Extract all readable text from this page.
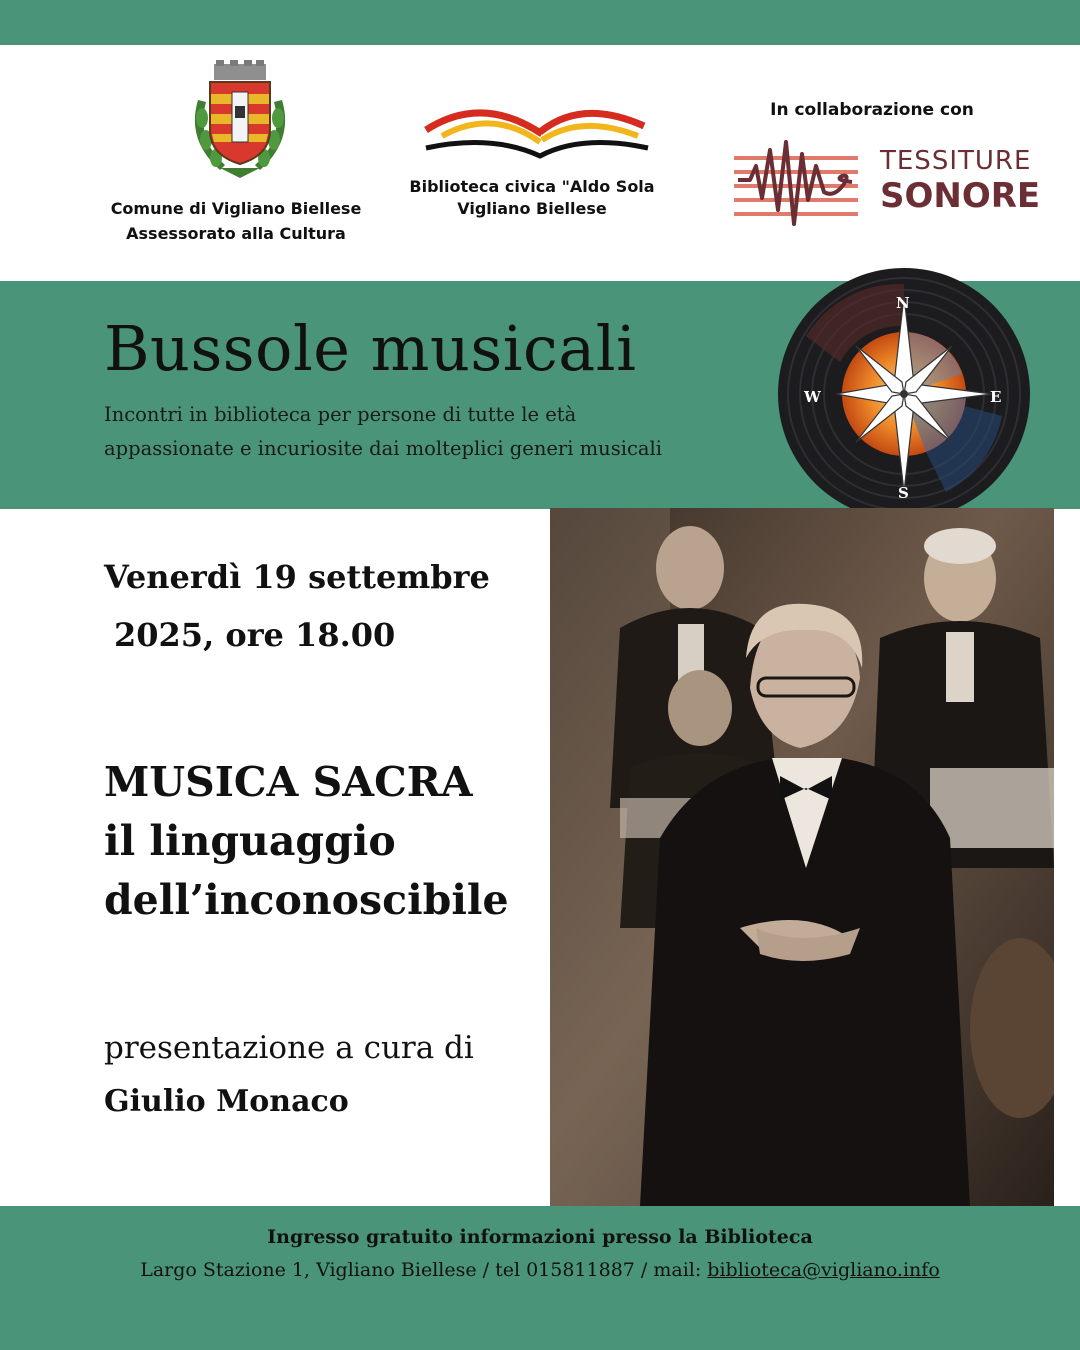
Comune di Vigliano Biellese
Assessorato alla Cultura
Biblioteca civica "Aldo Sola
Vigliano Biellese
In collaborazione con
TESSITURE
SONORE
Bussole musicali
Incontri in biblioteca per persone di tutte le età
appassionate e incuriosite dai molteplici generi musicali
N
S
W	E
Venerdì 19 settembre
2025, ore 18.00
MUSICA SACRA
il linguaggio
dell’inconoscibile
presentazione a cura di
Giulio Monaco
Ingresso gratuito informazioni presso la Biblioteca
Largo Stazione 1, Vigliano Biellese / tel 015811887 / mail: biblioteca@vigliano.info
